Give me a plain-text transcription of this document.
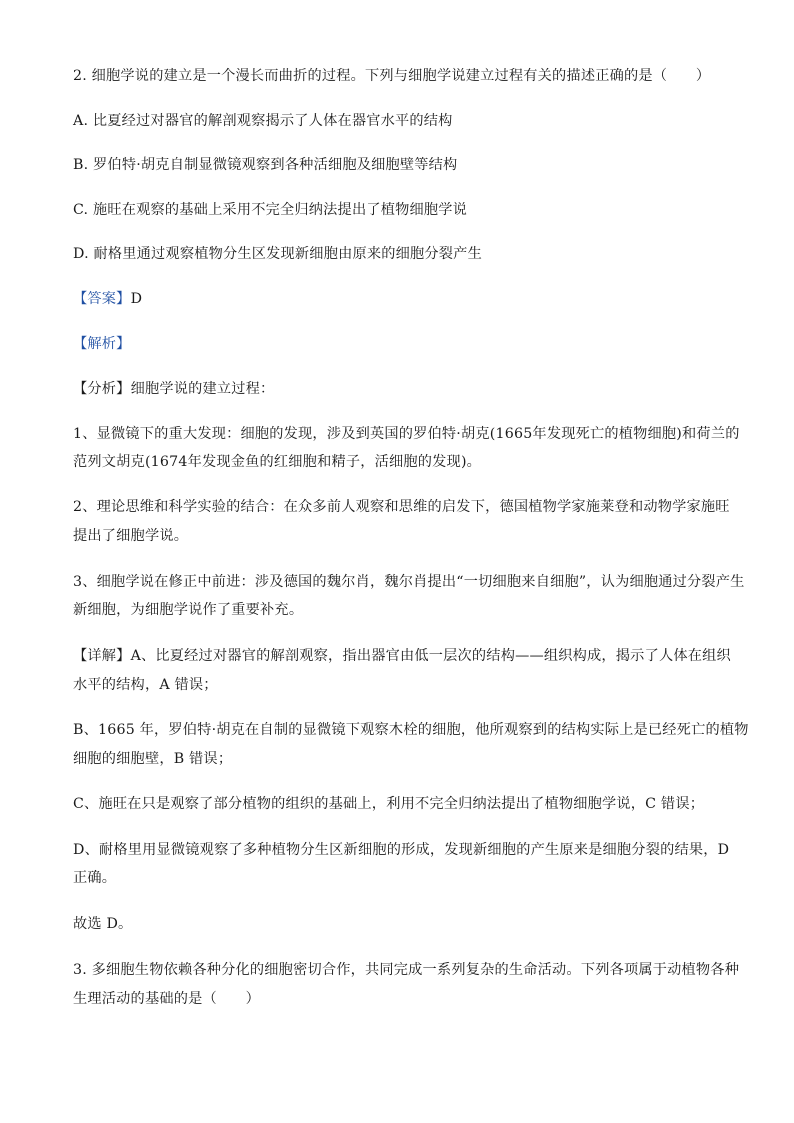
2. 细胞学说的建立是一个漫长而曲折的过程。下列与细胞学说建立过程有关的描述正确的是（　　）
A. 比夏经过对器官的解剖观察揭示了人体在器官水平的结构
B. 罗伯特·胡克自制显微镜观察到各种活细胞及细胞壁等结构
C. 施旺在观察的基础上采用不完全归纳法提出了植物细胞学说
D. 耐格里通过观察植物分生区发现新细胞由原来的细胞分裂产生
【答案】D
【解析】
【分析】细胞学说的建立过程：
1、显微镜下的重大发现：细胞的发现，涉及到英国的罗伯特·胡克(1665年发现死亡的植物细胞)和荷兰的
范列文胡克(1674年发现金鱼的红细胞和精子，活细胞的发现)。
2、理论思维和科学实验的结合：在众多前人观察和思维的启发下，德国植物学家施莱登和动物学家施旺
提出了细胞学说。
3、细胞学说在修正中前进：涉及德国的魏尔肖，魏尔肖提出“一切细胞来自细胞”，认为细胞通过分裂产生
新细胞，为细胞学说作了重要补充。
【详解】A、比夏经过对器官的解剖观察，指出器官由低一层次的结构——组织构成，揭示了人体在组织
水平的结构，A 错误；
B、1665 年，罗伯特·胡克在自制的显微镜下观察木栓的细胞，他所观察到的结构实际上是已经死亡的植物
细胞的细胞壁，B 错误；
C、施旺在只是观察了部分植物的组织的基础上，利用不完全归纳法提出了植物细胞学说，C 错误；
D、耐格里用显微镜观察了多种植物分生区新细胞的形成，发现新细胞的产生原来是细胞分裂的结果，D
正确。
故选 D。
3. 多细胞生物依赖各种分化的细胞密切合作，共同完成一系列复杂的生命活动。下列各项属于动植物各种
生理活动的基础的是（　　）
